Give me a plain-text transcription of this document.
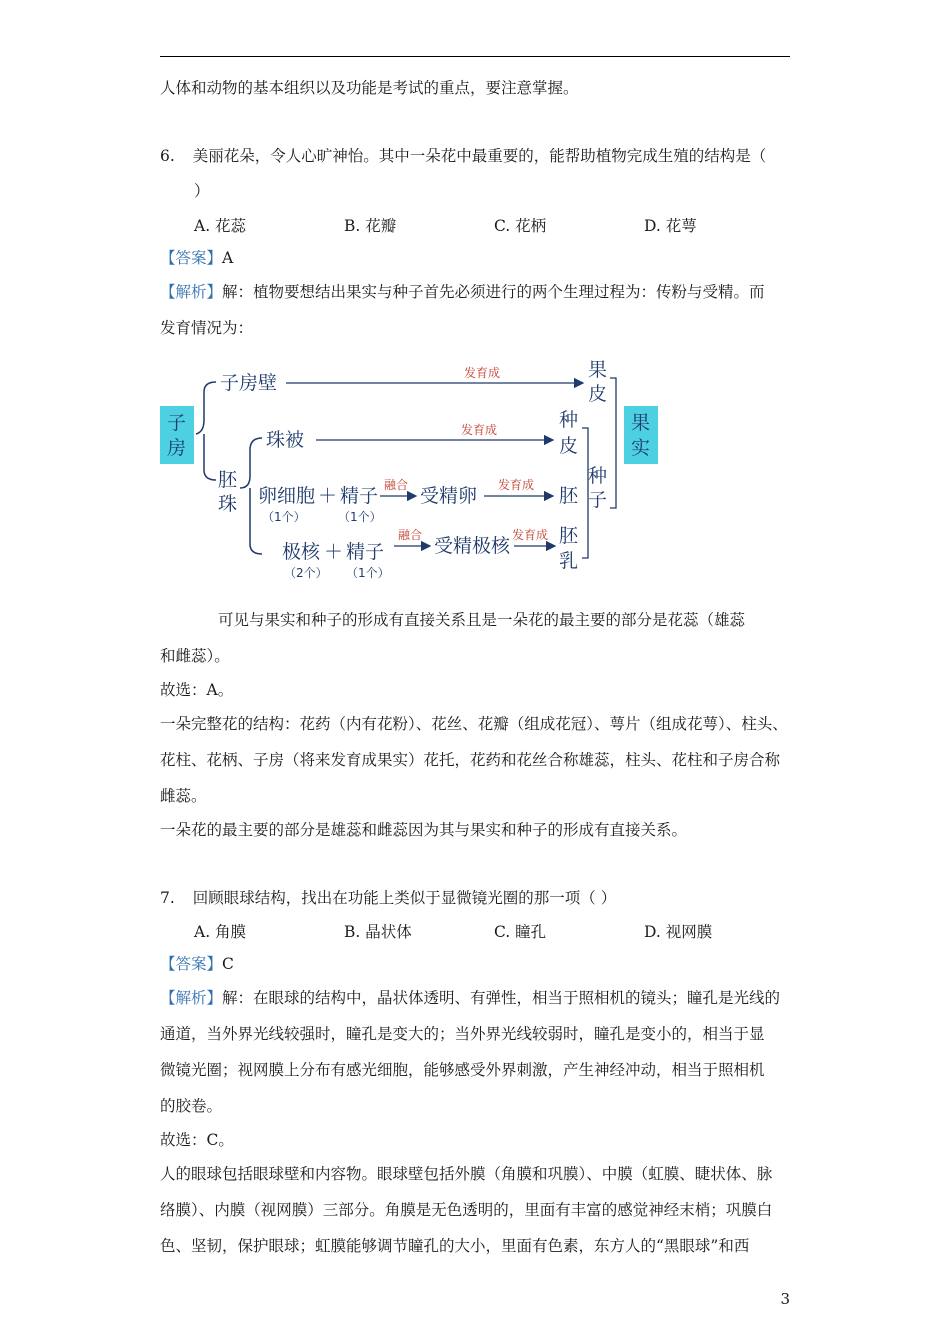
人体和动物的基本组织以及功能是考试的重点，要注意掌握。
6. 美丽花朵，令人心旷神怡。其中一朵花中最重要的，能帮助植物完成生殖的结构是（
）
A. 花蕊	B. 花瓣	C. 花柄	D. 花萼
【答案】A
【解析】解：植物要想结出果实与种子首先必须进行的两个生理过程为：传粉与受精。而
发育情况为：
子
房
子房壁	发育成	果
皮
胚
珠
珠被	发育成	种
皮
卵细胞 ＋ 精子
（1个）	（1个）
融合 受精卵 发育成 胚
极核 ＋ 精子
（2个） （1个）
融合 受精极核 发育成 胚
乳
种
子
果
实
可见与果实和种子的形成有直接关系且是一朵花的最主要的部分是花蕊（雄蕊
和雌蕊）。
故选：A。
一朵完整花的结构：花药（内有花粉）、花丝、花瓣（组成花冠）、萼片（组成花萼）、柱头、
花柱、花柄、子房（将来发育成果实）花托，花药和花丝合称雄蕊，柱头、花柱和子房合称
雌蕊。
一朵花的最主要的部分是雄蕊和雌蕊因为其与果实和种子的形成有直接关系。
7. 回顾眼球结构，找出在功能上类似于显微镜光圈的那一项（ ）
A. 角膜	B. 晶状体	C. 瞳孔	D. 视网膜
【答案】C
【解析】解：在眼球的结构中，晶状体透明、有弹性，相当于照相机的镜头；瞳孔是光线的
通道，当外界光线较强时，瞳孔是变大的；当外界光线较弱时，瞳孔是变小的，相当于显
微镜光圈；视网膜上分布有感光细胞，能够感受外界刺激，产生神经冲动，相当于照相机
的胶卷。
故选：C。
人的眼球包括眼球壁和内容物。眼球壁包括外膜（角膜和巩膜）、中膜（虹膜、睫状体、脉
络膜）、内膜（视网膜）三部分。角膜是无色透明的，里面有丰富的感觉神经末梢；巩膜白
色、坚韧，保护眼球；虹膜能够调节瞳孔的大小，里面有色素，东方人的“黑眼球”和西
3
